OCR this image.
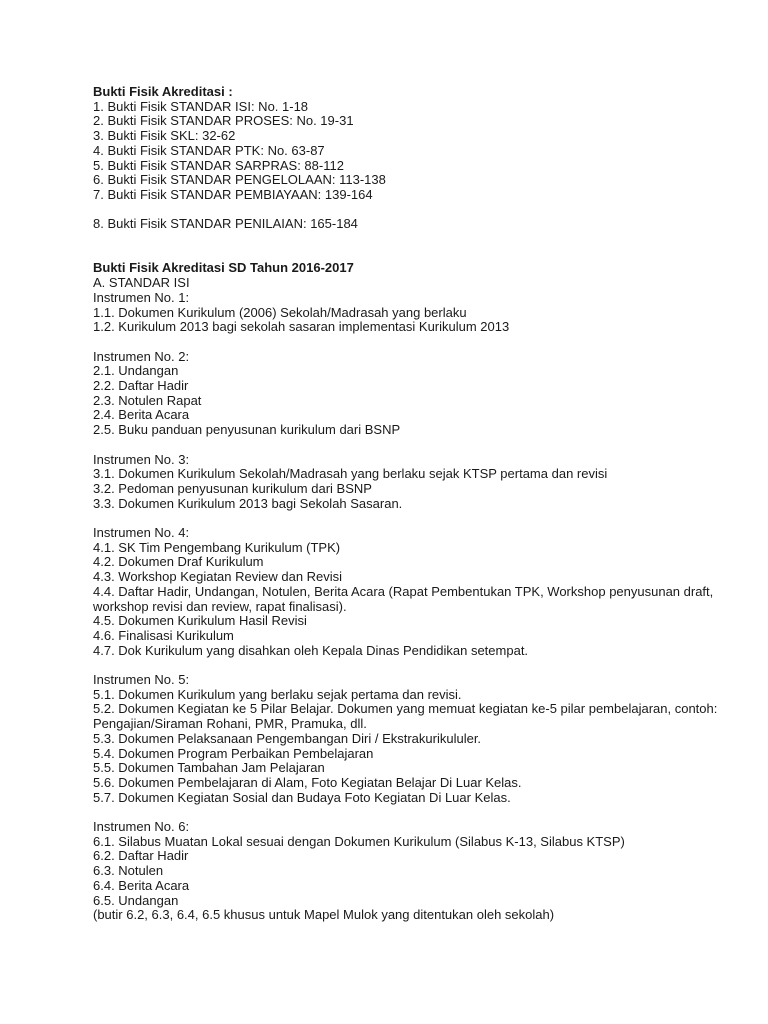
Bukti Fisik Akreditasi :
1. Bukti Fisik STANDAR ISI: No. 1-18
2. Bukti Fisik STANDAR PROSES: No. 19-31
3. Bukti Fisik SKL: 32-62
4. Bukti Fisik STANDAR PTK: No. 63-87
5. Bukti Fisik STANDAR SARPRAS: 88-112
6. Bukti Fisik STANDAR PENGELOLAAN: 113-138
7. Bukti Fisik STANDAR PEMBIAYAAN: 139-164
8. Bukti Fisik STANDAR PENILAIAN: 165-184
Bukti Fisik Akreditasi SD Tahun 2016-2017
A. STANDAR ISI
Instrumen No. 1:
1.1. Dokumen Kurikulum (2006) Sekolah/Madrasah yang berlaku
1.2. Kurikulum 2013 bagi sekolah sasaran implementasi Kurikulum 2013
Instrumen No. 2:
2.1. Undangan
2.2. Daftar Hadir
2.3. Notulen Rapat
2.4. Berita Acara
2.5. Buku panduan penyusunan kurikulum dari BSNP
Instrumen No. 3:
3.1. Dokumen Kurikulum Sekolah/Madrasah yang berlaku sejak KTSP pertama dan revisi
3.2. Pedoman penyusunan kurikulum dari BSNP
3.3. Dokumen Kurikulum 2013 bagi Sekolah Sasaran.
Instrumen No. 4:
4.1. SK Tim Pengembang Kurikulum (TPK)
4.2. Dokumen Draf Kurikulum
4.3. Workshop Kegiatan Review dan Revisi
4.4. Daftar Hadir, Undangan, Notulen, Berita Acara (Rapat Pembentukan TPK, Workshop penyusunan draft, workshop revisi dan review, rapat finalisasi).
4.5. Dokumen Kurikulum Hasil Revisi
4.6. Finalisasi Kurikulum
4.7. Dok Kurikulum yang disahkan oleh Kepala Dinas Pendidikan setempat.
Instrumen No. 5:
5.1. Dokumen Kurikulum yang berlaku sejak pertama dan revisi.
5.2. Dokumen Kegiatan ke 5 Pilar Belajar. Dokumen yang memuat kegiatan ke-5 pilar pembelajaran, contoh: Pengajian/Siraman Rohani, PMR, Pramuka, dll.
5.3. Dokumen Pelaksanaan Pengembangan Diri / Ekstrakurikululer.
5.4. Dokumen Program Perbaikan Pembelajaran
5.5. Dokumen Tambahan Jam Pelajaran
5.6. Dokumen Pembelajaran di Alam, Foto Kegiatan Belajar Di Luar Kelas.
5.7. Dokumen Kegiatan Sosial dan Budaya Foto Kegiatan Di Luar Kelas.
Instrumen No. 6:
6.1. Silabus Muatan Lokal sesuai dengan Dokumen Kurikulum (Silabus K-13, Silabus KTSP)
6.2. Daftar Hadir
6.3. Notulen
6.4. Berita Acara
6.5. Undangan
(butir 6.2, 6.3, 6.4, 6.5 khusus untuk Mapel Mulok yang ditentukan oleh sekolah)
